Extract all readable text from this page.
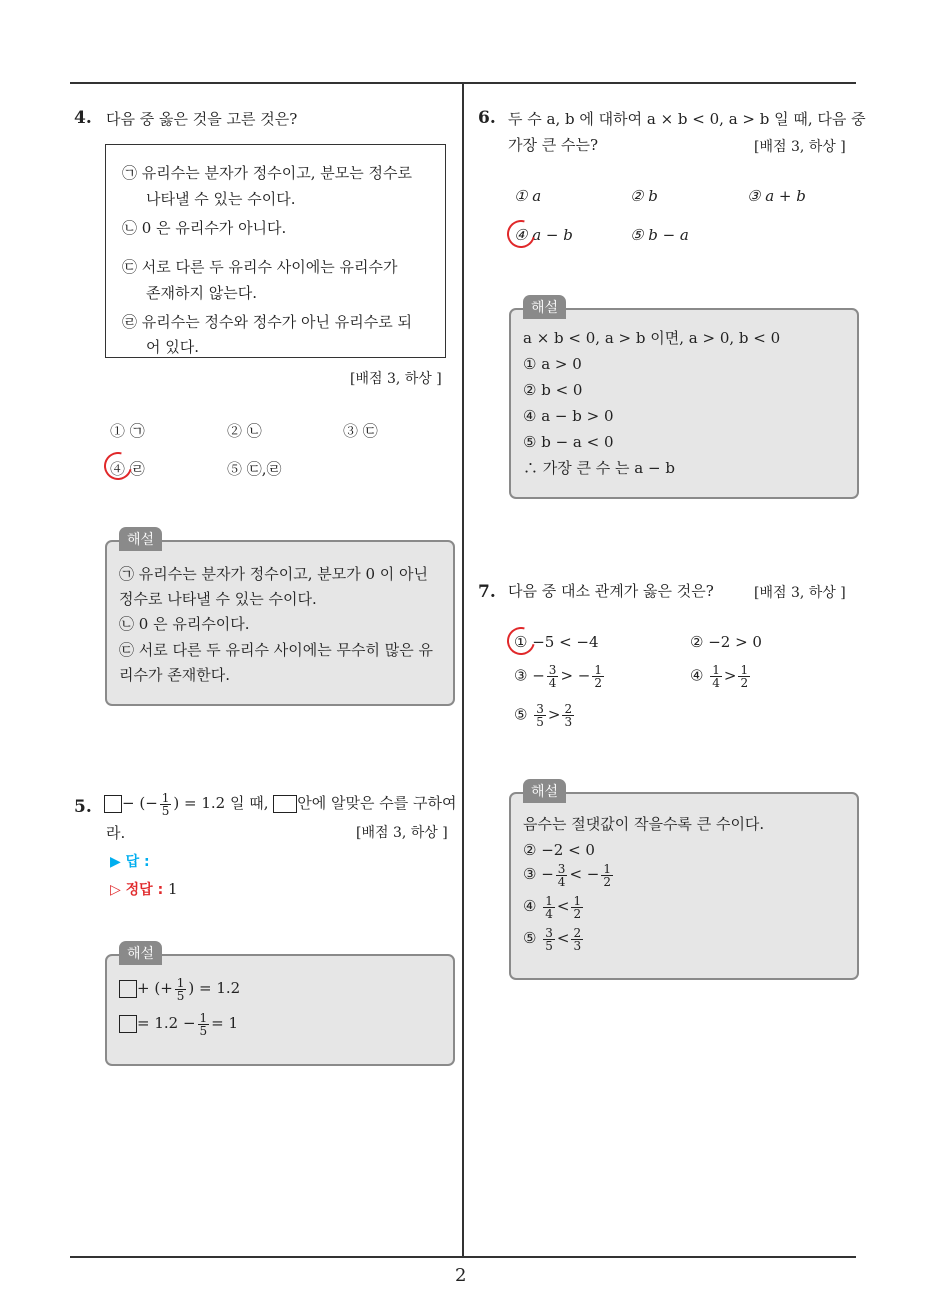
2
4. 다음 중 옳은 것을 고른 것은?
㉠ 유리수는 분자가 정수이고, 분모는 정수로
나타낼 수 있는 수이다.
㉡ 0 은 유리수가 아니다.
㉢ 서로 다른 두 유리수 사이에는 유리수가
존재하지 않는다.
㉣ 유리수는 정수와 정수가 아닌 유리수로 되
어 있다.
[배점 3, 하상 ]
① ㉠	② ㉡	③ ㉢
④ ㉣	⑤ ㉢,㉣
해설
㉠ 유리수는 분자가 정수이고, 분모가 0 이 아닌
정수로 나타낼 수 있는 수이다.
㉡ 0 은 유리수이다.
㉢ 서로 다른 두 유리수 사이에는 무수히 많은 유
리수가 존재한다.
5.	− (− $\frac{1}{5}$ ) = 1.2 일 때, 안에 알맞은 수를 구하여
라.	[배점 3, 하상 ]
▶ 답 :
▷ 정답 : 1
해설
+ (+ $\frac{1}{5}$ ) = 1.2
= $1.2 - \frac{1}{5} = 1$
6. 두 수 a, b 에 대하여 a × b < 0, a > b 일 때, 다음 중
가장 큰 수는?	[배점 3, 하상 ]
① a	② b	③ a + b
④ a − b	⑤ b − a
해설
a × b < 0, a > b 이면, a > 0, b < 0
① a > 0
② b < 0
④ a − b > 0
⑤ b − a < 0
∴ 가장 큰 수 는 a − b
7. 다음 중 대소 관계가 옳은 것은?	[배점 3, 하상 ]
① −5 < −4	② −2 > 0
③ − $\frac{3}{4}$ > − $\frac{1}{2}$	④ $\frac{1}{4} > \frac{1}{2}$
⑤ $\frac{3}{5} > \frac{2}{3}$
해설
음수는 절댓값이 작을수록 큰 수이다.
② −2 < 0
③ − $\frac{3}{4}$ < − $\frac{1}{2}$
④ $\frac{1}{4} < \frac{1}{2}$
⑤ $\frac{3}{5} < \frac{2}{3}$
